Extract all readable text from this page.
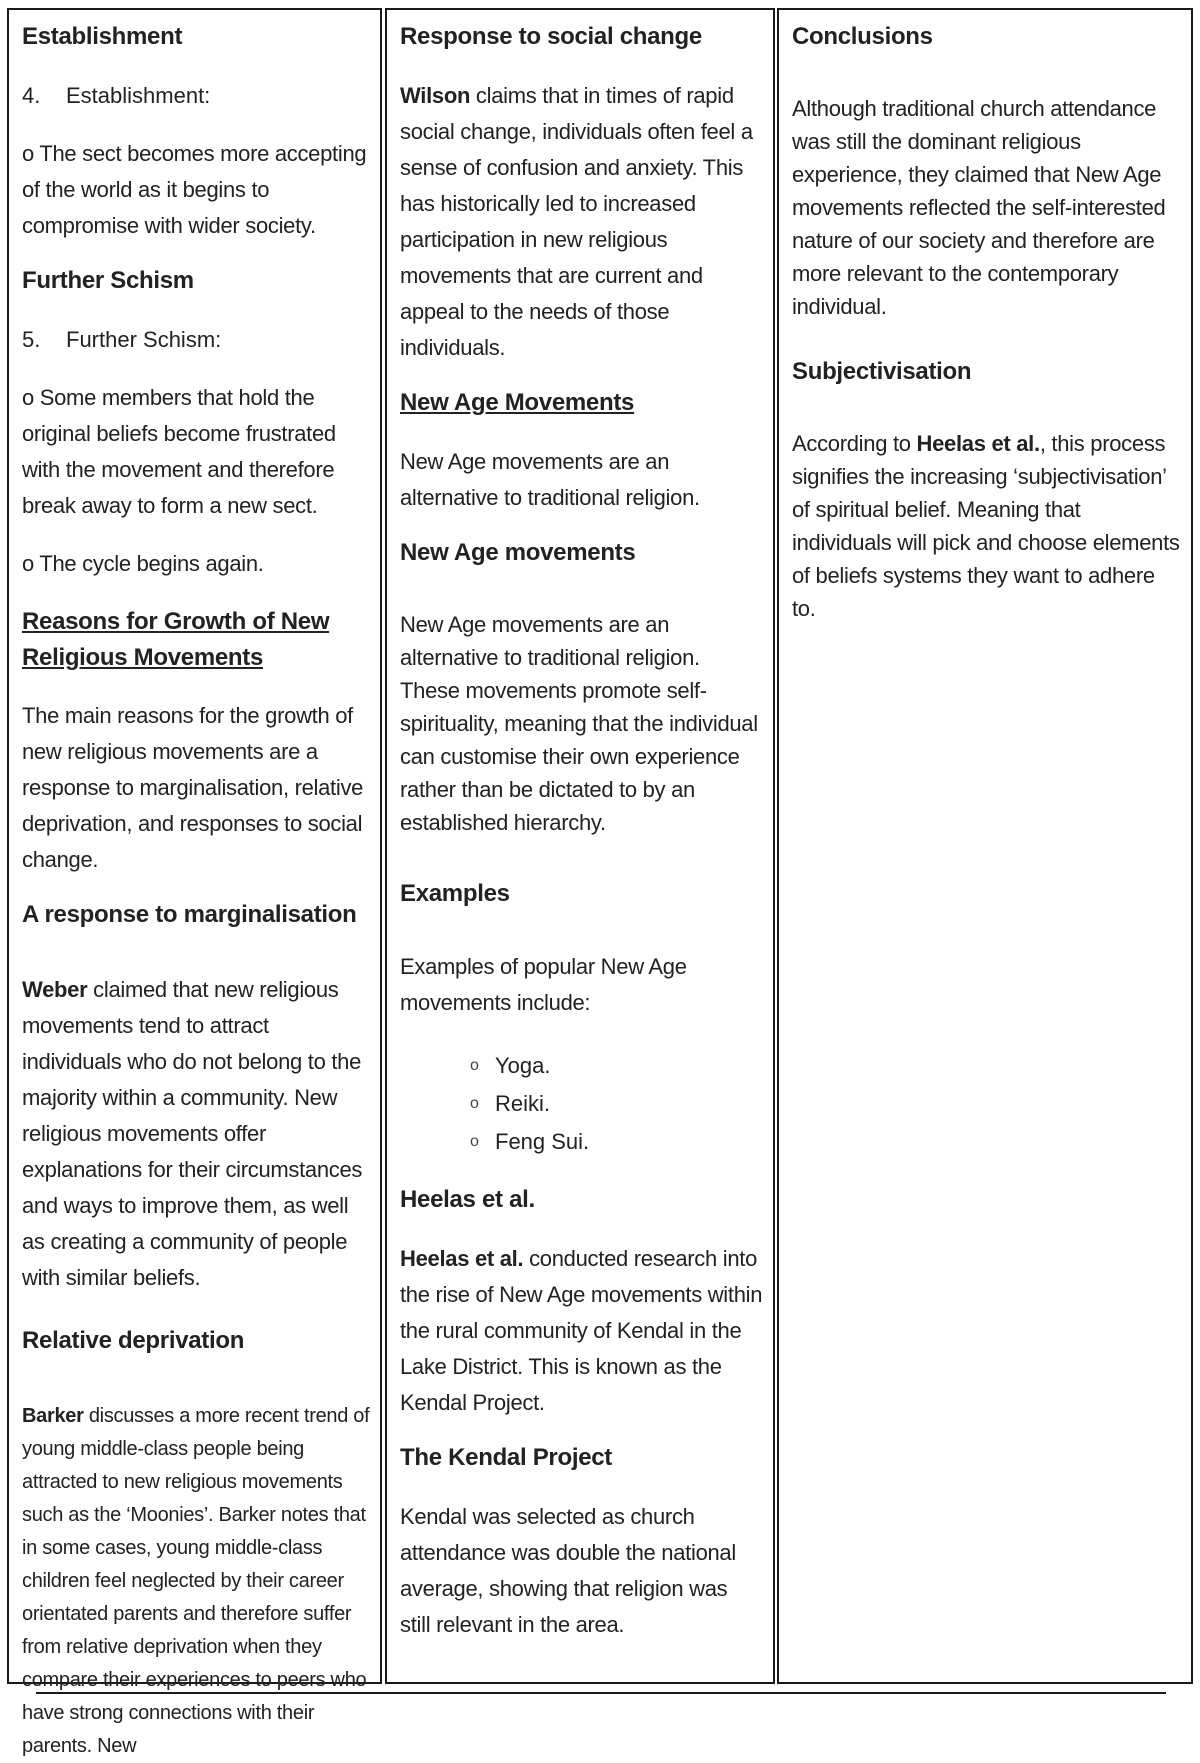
Establishment
4.	Establishment:

o The sect becomes more accepting of the world as it begins to compromise with wider society.

Further Schism
5.	Further Schism:

o Some members that hold the original beliefs become frustrated with the movement and therefore break away to form a new sect.

o The cycle begins again.

Reasons for Growth of New Religious Movements

The main reasons for the growth of new religious movements are a response to marginalisation, relative deprivation, and responses to social change.

A response to marginalisation

Weber claimed that new religious movements tend to attract individuals who do not belong to the majority within a community. New religious movements offer explanations for their circumstances and ways to improve them, as well as creating a community of people with similar beliefs.

Relative deprivation

Barker discusses a more recent trend of young middle-class people being attracted to new religious movements such as the ‘Moonies’. Barker notes that in some cases, young middle-class children feel neglected by their career orientated parents and therefore suffer from relative deprivation when they compare their experiences to peers who have strong connections with their parents. New

Response to social change

Wilson claims that in times of rapid social change, individuals often feel a sense of confusion and anxiety. This has historically led to increased participation in new religious movements that are current and appeal to the needs of those individuals.

New Age Movements

New Age movements are an alternative to traditional religion.

New Age movements

New Age movements are an alternative to traditional religion. These movements promote self-spirituality, meaning that the individual can customise their own experience rather than be dictated to by an established hierarchy.

Examples

Examples of popular New Age movements include:

o Yoga.
o Reiki.
o Feng Sui.
Heelas et al.

Heelas et al. conducted research into the rise of New Age movements within the rural community of Kendal in the Lake District. This is known as the Kendal Project.

The Kendal Project

Kendal was selected as church attendance was double the national average, showing that religion was still relevant in the area.

Conclusions

Although traditional church attendance was still the dominant religious experience, they claimed that New Age movements reflected the self-interested nature of our society and therefore are more relevant to the contemporary individual.

Subjectivisation

According to Heelas et al., this process signifies the increasing ‘subjectivisation’ of spiritual belief. Meaning that individuals will pick and choose elements of beliefs systems they want to adhere to.
